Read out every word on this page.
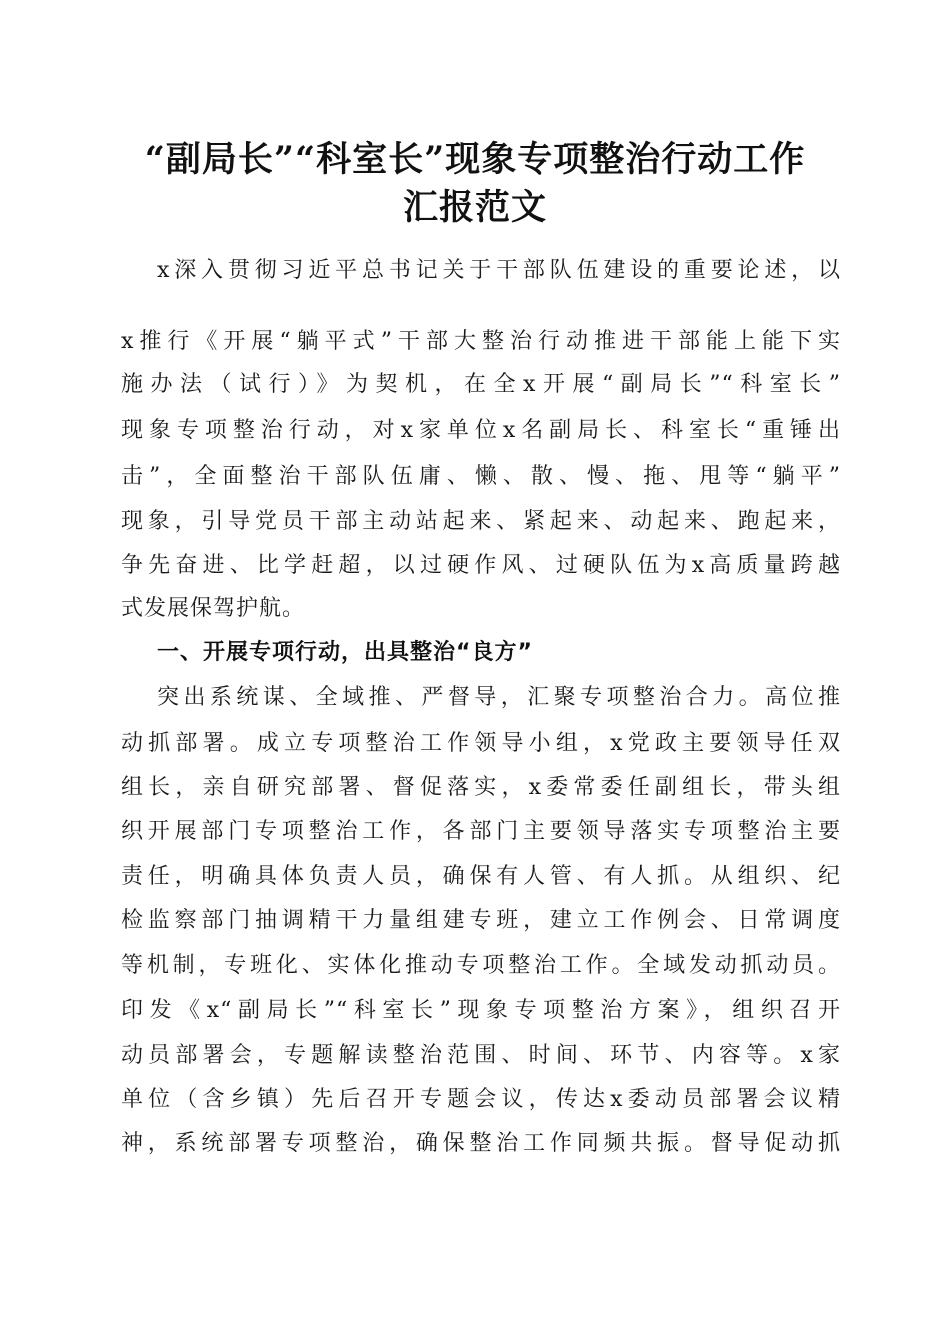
“副局长”“科室长”现象专项整治行动工作
汇报范文
x深入贯彻习近平总书记关于干部队伍建设的重要论述，以
x推行《开展“躺平式”干部大整治行动推进干部能上能下实
施办法（试行）》为契机，在全x开展“副局长”“科室长”
现象专项整治行动，对x家单位x名副局长、科室长“重锤出
击”，全面整治干部队伍庸、懒、散、慢、拖、甩等“躺平”
现象，引导党员干部主动站起来、紧起来、动起来、跑起来，
争先奋进、比学赶超，以过硬作风、过硬队伍为x高质量跨越
式发展保驾护航。
一、开展专项行动，出具整治“良方”
突出系统谋、全域推、严督导，汇聚专项整治合力。高位推
动抓部署。成立专项整治工作领导小组，x党政主要领导任双
组长，亲自研究部署、督促落实，x委常委任副组长，带头组
织开展部门专项整治工作，各部门主要领导落实专项整治主要
责任，明确具体负责人员，确保有人管、有人抓。从组织、纪
检监察部门抽调精干力量组建专班，建立工作例会、日常调度
等机制，专班化、实体化推动专项整治工作。全域发动抓动员。
印发《x“副局长”“科室长”现象专项整治方案》，组织召开
动员部署会，专题解读整治范围、时间、环节、内容等。x家
单位（含乡镇）先后召开专题会议，传达x委动员部署会议精
神，系统部署专项整治，确保整治工作同频共振。督导促动抓
